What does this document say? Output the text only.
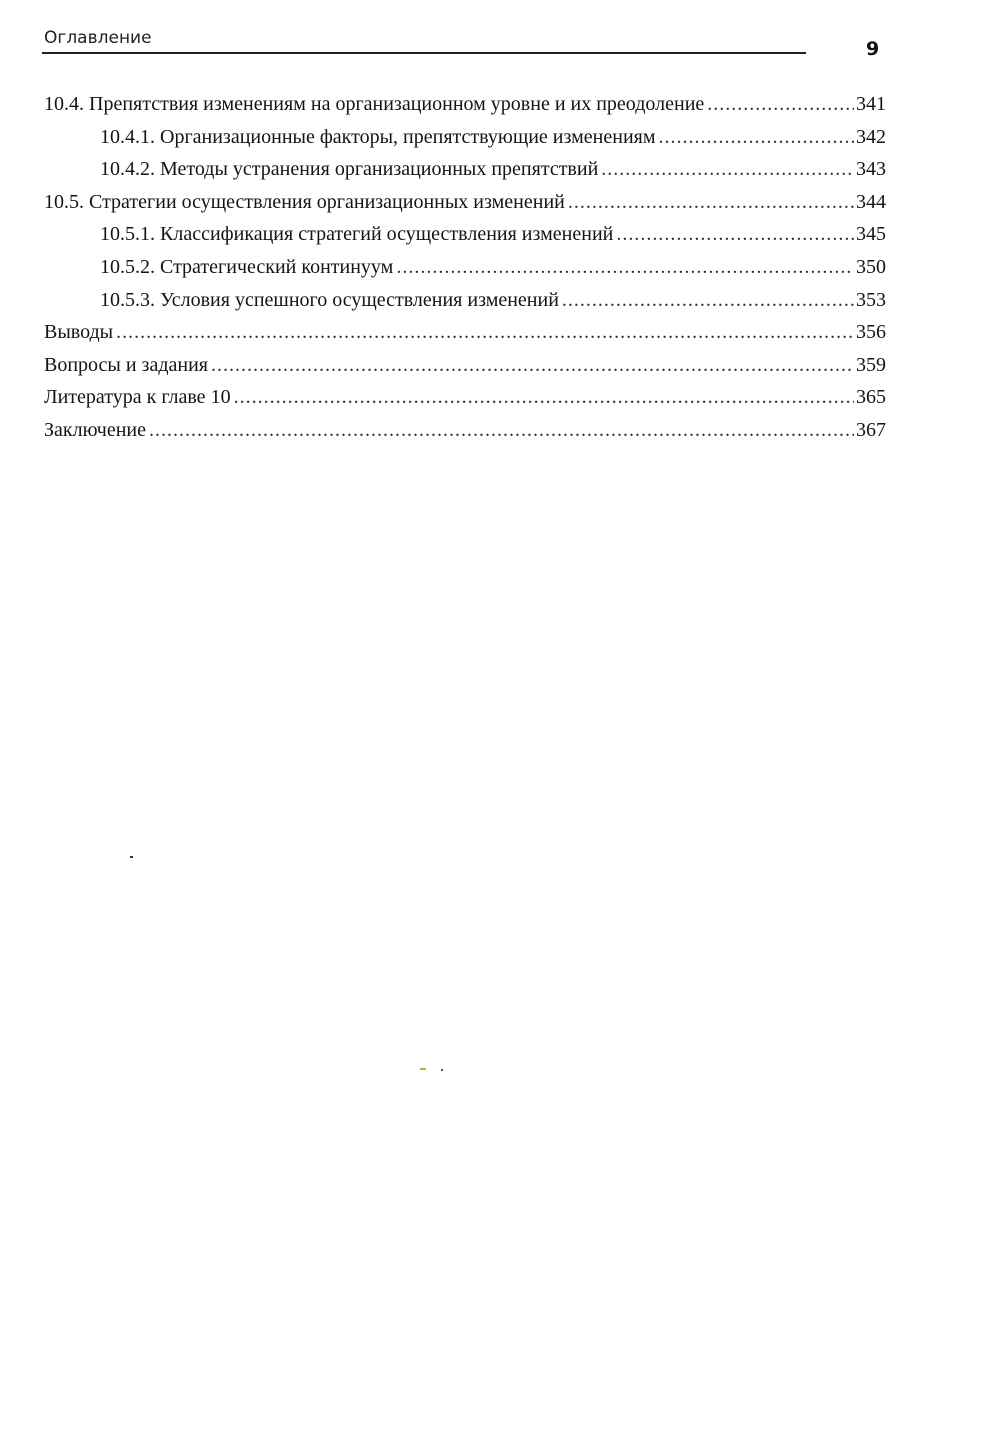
Оглавление	9
10.4. Препятствия изменениям на организационном уровне и их преодоление .....	341
10.4.1. Организационные факторы, препятствующие изменениям .....	342
10.4.2. Методы устранения организационных препятствий .....	343
10.5. Стратегии осуществления организационных изменений .....	344
10.5.1. Классификация стратегий осуществления изменений .....	345
10.5.2. Стратегический континуум .....	350
10.5.3. Условия успешного осуществления изменений .....	353
Выводы .....	356
Вопросы и задания .....	359
Литература к главе 10 .....	365
Заключение .....	367
